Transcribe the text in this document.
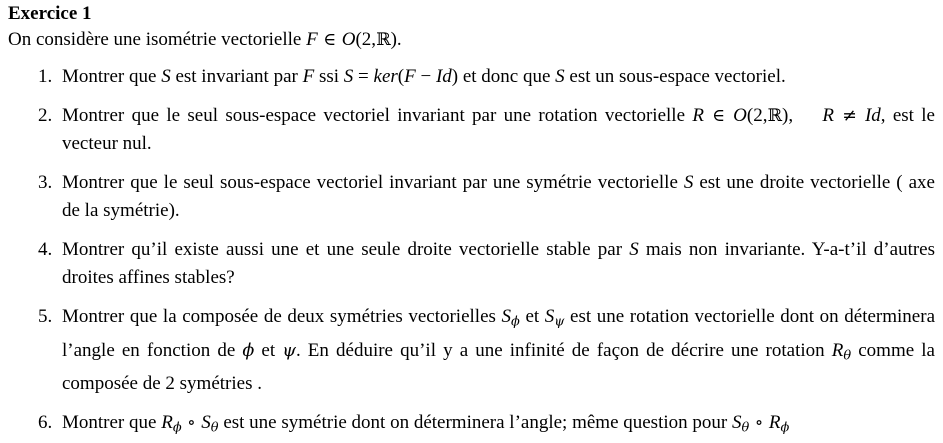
Exercice 1
On considère une isométrie vectorielle F ∈ O(2,ℝ).
1. Montrer que S est invariant par F ssi S = ker(F − Id) et donc que S est un sous-espace vectoriel.
2. Montrer que le seul sous-espace vectoriel invariant par une rotation vectorielle R ∈ O(2,ℝ),    R ≠ Id, est le vecteur nul.
3. Montrer que le seul sous-espace vectoriel invariant par une symétrie vectorielle S est une droite vectorielle ( axe de la symétrie).
4. Montrer qu’il existe aussi une et une seule droite vectorielle stable par S mais non invariante. Y-a-t’il d’autres droites affines stables?
5. Montrer que la composée de deux symétries vectorielles Sϕ et Sψ est une rotation vectorielle dont on déterminera l’angle en fonction de ϕ et ψ. En déduire qu’il y a une infinité de façon de décrire une rotation Rθ comme la composée de 2 symétries .
6. Montrer que Rϕ ∘ Sθ est une symétrie dont on déterminera l’angle; même question pour Sθ ∘ Rϕ
